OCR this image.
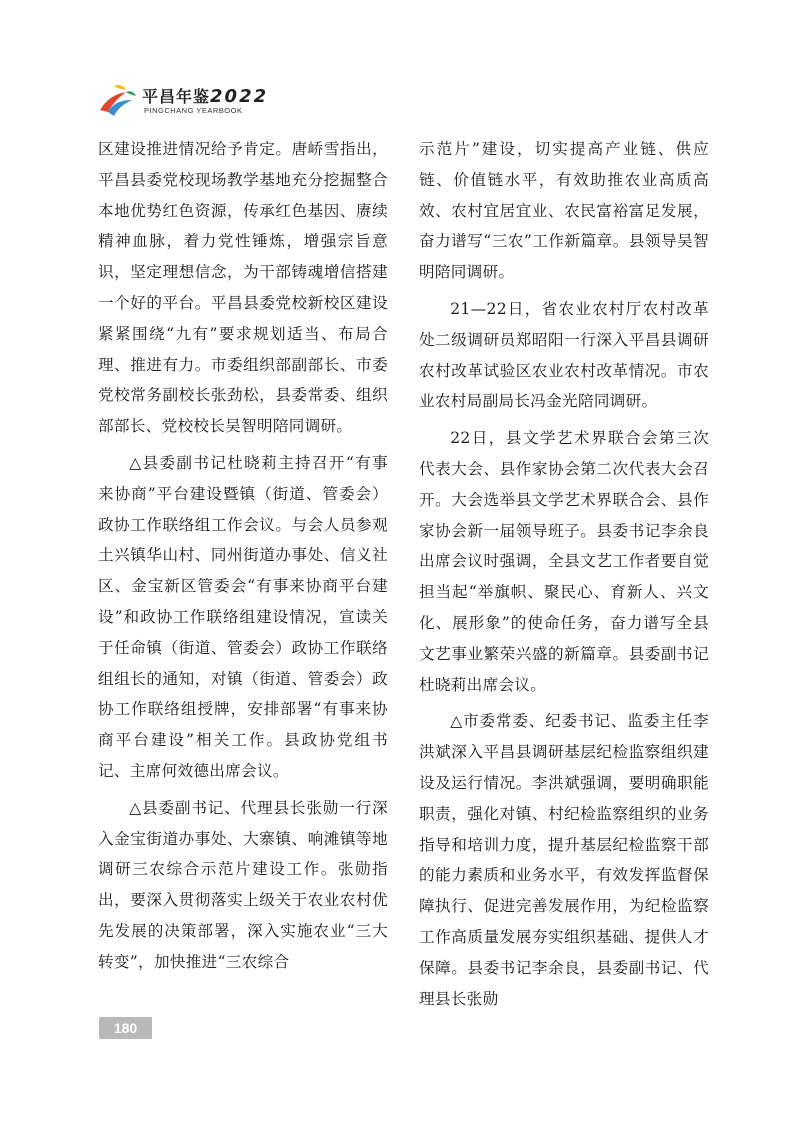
平昌年鉴2022
PINGCHANG YEARBOOK

区建设推进情况给予肯定。唐峤雪指出，平昌县委党校现场教学基地充分挖掘整合本地优势红色资源，传承红色基因、赓续精神血脉，着力党性锤炼，增强宗旨意识，坚定理想信念，为干部铸魂增信搭建一个好的平台。平昌县委党校新校区建设紧紧围绕“九有”要求规划适当、布局合理、推进有力。市委组织部副部长、市委党校常务副校长张劲松，县委常委、组织部部长、党校校长吴智明陪同调研。

△县委副书记杜晓莉主持召开“有事来协商”平台建设暨镇（街道、管委会）政协工作联络组工作会议。与会人员参观土兴镇华山村、同州街道办事处、信义社区、金宝新区管委会“有事来协商平台建设”和政协工作联络组建设情况，宣读关于任命镇（街道、管委会）政协工作联络组组长的通知，对镇（街道、管委会）政协工作联络组授牌，安排部署“有事来协商平台建设”相关工作。县政协党组书记、主席何效德出席会议。

△县委副书记、代理县长张勋一行深入金宝街道办事处、大寨镇、响滩镇等地调研三农综合示范片建设工作。张勋指出，要深入贯彻落实上级关于农业农村优先发展的决策部署，深入实施农业“三大转变”，加快推进“三农综合

示范片”建设，切实提高产业链、供应链、价值链水平，有效助推农业高质高效、农村宜居宜业、农民富裕富足发展，奋力谱写“三农”工作新篇章。县领导吴智明陪同调研。

21—22日，省农业农村厅农村改革处二级调研员郑昭阳一行深入平昌县调研农村改革试验区农业农村改革情况。市农业农村局副局长冯金光陪同调研。

22日，县文学艺术界联合会第三次代表大会、县作家协会第二次代表大会召开。大会选举县文学艺术界联合会、县作家协会新一届领导班子。县委书记李余良出席会议时强调，全县文艺工作者要自觉担当起“举旗帜、聚民心、育新人、兴文化、展形象”的使命任务，奋力谱写全县文艺事业繁荣兴盛的新篇章。县委副书记杜晓莉出席会议。

△市委常委、纪委书记、监委主任李洪斌深入平昌县调研基层纪检监察组织建设及运行情况。李洪斌强调，要明确职能职责，强化对镇、村纪检监察组织的业务指导和培训力度，提升基层纪检监察干部的能力素质和业务水平，有效发挥监督保障执行、促进完善发展作用，为纪检监察工作高质量发展夯实组织基础、提供人才保障。县委书记李余良，县委副书记、代理县长张勋

180
